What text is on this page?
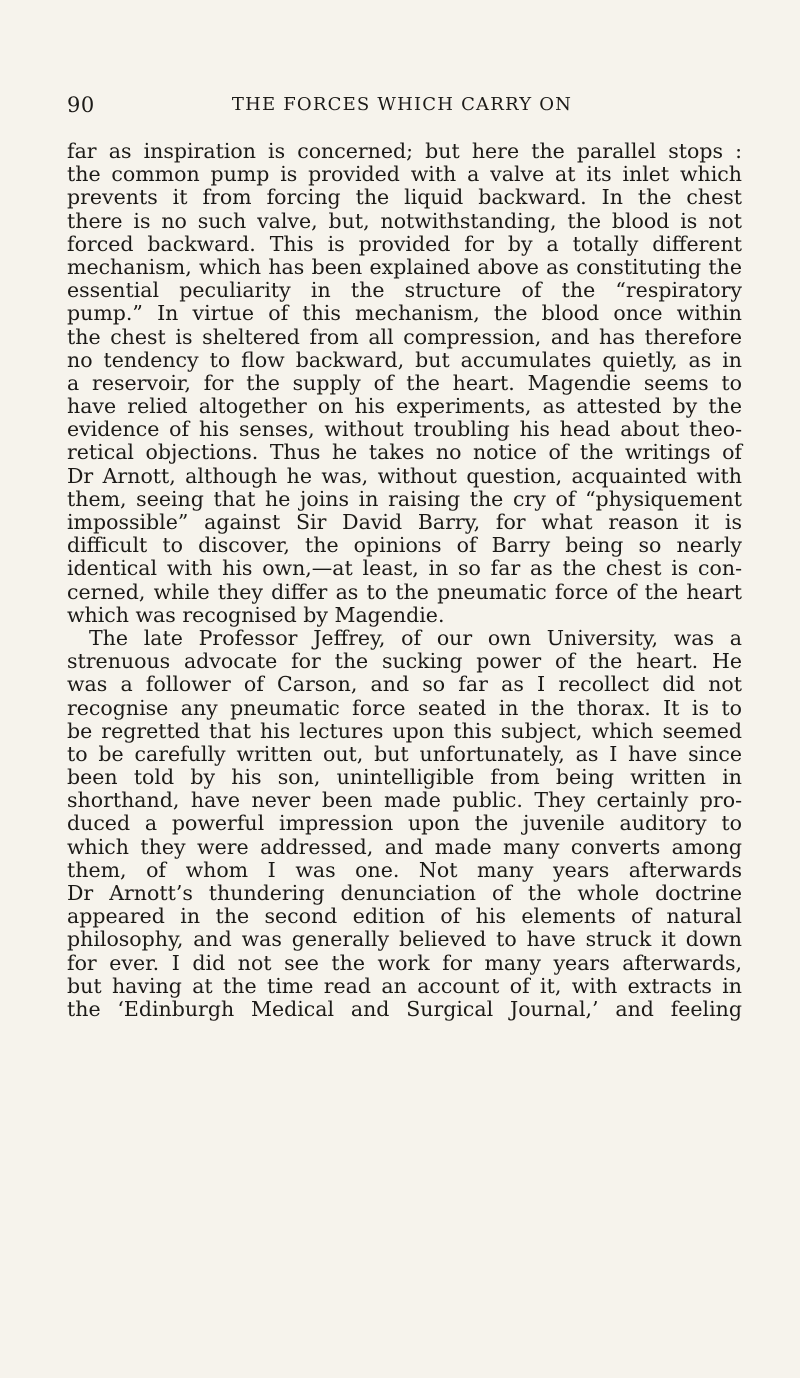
90	THE FORCES WHICH CARRY ON
far as inspiration is concerned; but here the parallel stops :
the common pump is provided with a valve at its inlet which
prevents it from forcing the liquid backward. In the chest
there is no such valve, but, notwithstanding, the blood is not
forced backward. This is provided for by a totally different
mechanism, which has been explained above as constituting the
essential peculiarity in the structure of the “respiratory
pump.” In virtue of this mechanism, the blood once within
the chest is sheltered from all compression, and has therefore
no tendency to flow backward, but accumulates quietly, as in
a reservoir, for the supply of the heart. Magendie seems to
have relied altogether on his experiments, as attested by the
evidence of his senses, without troubling his head about theo-
retical objections. Thus he takes no notice of the writings of
Dr Arnott, although he was, without question, acquainted with
them, seeing that he joins in raising the cry of “physiquement
impossible” against Sir David Barry, for what reason it is
difficult to discover, the opinions of Barry being so nearly
identical with his own,—at least, in so far as the chest is con-
cerned, while they differ as to the pneumatic force of the heart
which was recognised by Magendie.
The late Professor Jeffrey, of our own University, was a
strenuous advocate for the sucking power of the heart. He
was a follower of Carson, and so far as I recollect did not
recognise any pneumatic force seated in the thorax. It is to
be regretted that his lectures upon this subject, which seemed
to be carefully written out, but unfortunately, as I have since
been told by his son, unintelligible from being written in
shorthand, have never been made public. They certainly pro-
duced a powerful impression upon the juvenile auditory to
which they were addressed, and made many converts among
them, of whom I was one. Not many years afterwards
Dr Arnott’s thundering denunciation of the whole doctrine
appeared in the second edition of his elements of natural
philosophy, and was generally believed to have struck it down
for ever. I did not see the work for many years afterwards,
but having at the time read an account of it, with extracts in
the ‘Edinburgh Medical and Surgical Journal,’ and feeling
